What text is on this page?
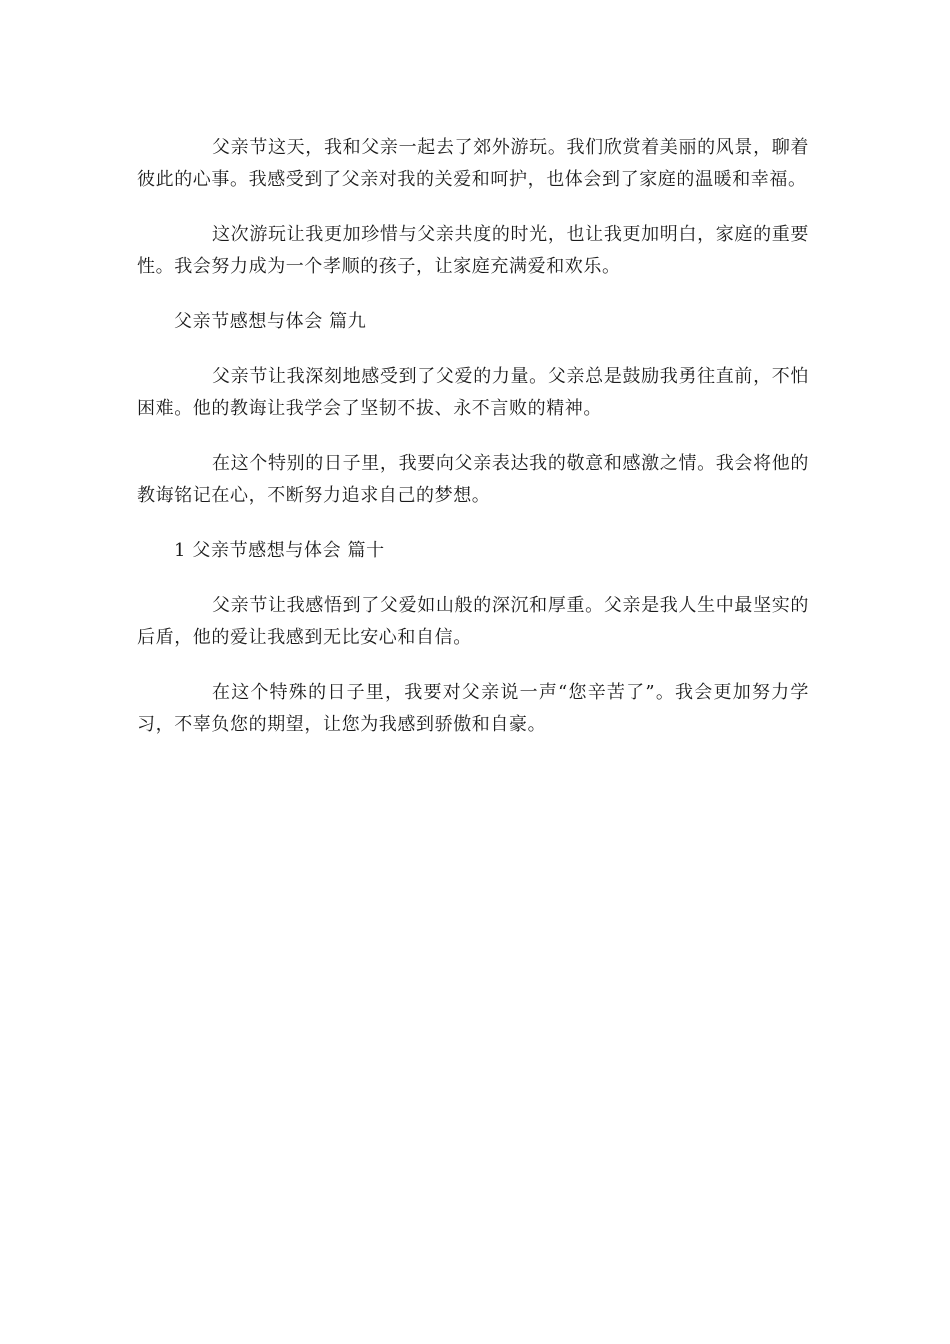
父亲节这天，我和父亲一起去了郊外游玩。我们欣赏着美丽的风景，聊着彼此的心事。我感受到了父亲对我的关爱和呵护，也体会到了家庭的温暖和幸福。

这次游玩让我更加珍惜与父亲共度的时光，也让我更加明白，家庭的重要性。我会努力成为一个孝顺的孩子，让家庭充满爱和欢乐。

父亲节感想与体会 篇九

父亲节让我深刻地感受到了父爱的力量。父亲总是鼓励我勇往直前，不怕困难。他的教诲让我学会了坚韧不拔、永不言败的精神。

在这个特别的日子里，我要向父亲表达我的敬意和感激之情。我会将他的教诲铭记在心，不断努力追求自己的梦想。

1 父亲节感想与体会 篇十

父亲节让我感悟到了父爱如山般的深沉和厚重。父亲是我人生中最坚实的后盾，他的爱让我感到无比安心和自信。

在这个特殊的日子里，我要对父亲说一声“您辛苦了”。我会更加努力学习，不辜负您的期望，让您为我感到骄傲和自豪。
